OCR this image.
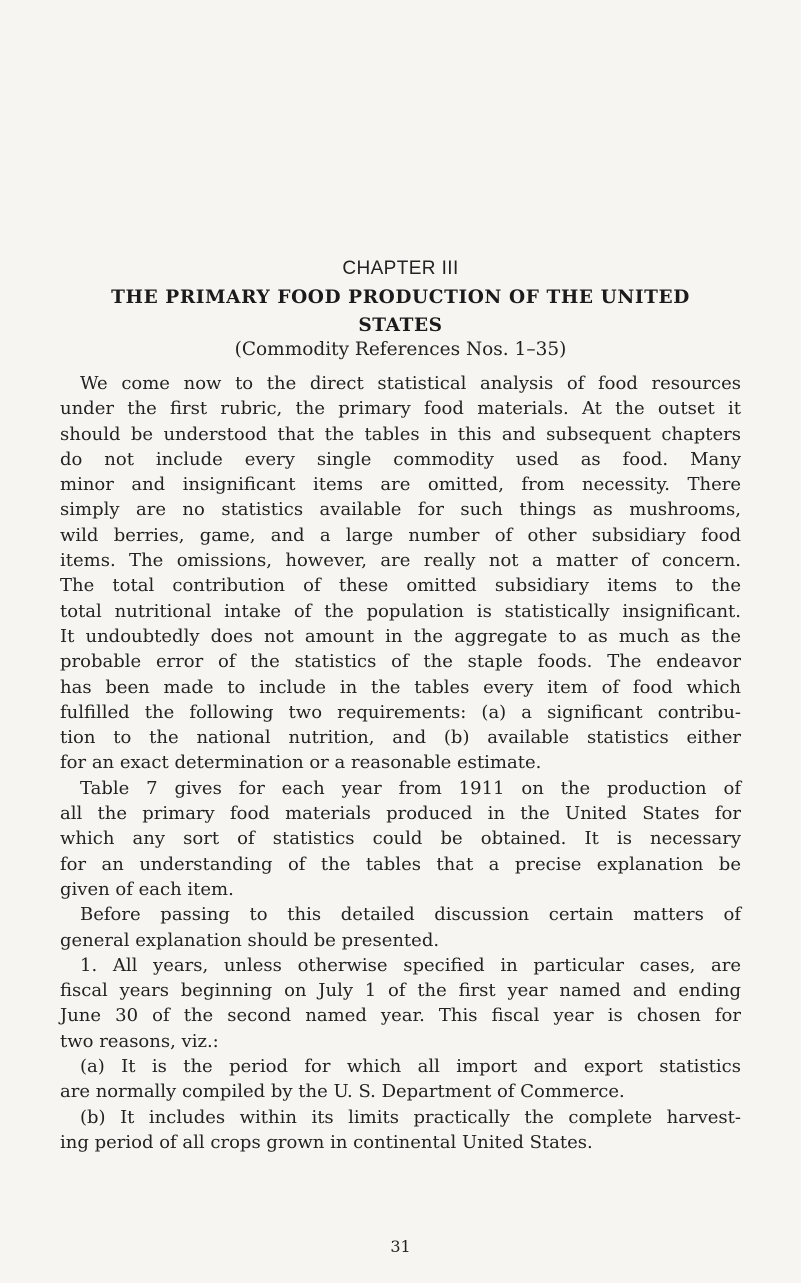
CHAPTER III
THE PRIMARY FOOD PRODUCTION OF THE UNITED
STATES
(Commodity References Nos. 1–35)
We come now to the direct statistical analysis of food resources
under the first rubric, the primary food materials. At the outset it
should be understood that the tables in this and subsequent chapters
do not include every single commodity used as food. Many
minor and insignificant items are omitted, from necessity. There
simply are no statistics available for such things as mushrooms,
wild berries, game, and a large number of other subsidiary food
items. The omissions, however, are really not a matter of concern.
The total contribution of these omitted subsidiary items to the
total nutritional intake of the population is statistically insignificant.
It undoubtedly does not amount in the aggregate to as much as the
probable error of the statistics of the staple foods. The endeavor
has been made to include in the tables every item of food which
fulfilled the following two requirements: (a) a significant contribu-
tion to the national nutrition, and (b) available statistics either
for an exact determination or a reasonable estimate.
Table 7 gives for each year from 1911 on the production of
all the primary food materials produced in the United States for
which any sort of statistics could be obtained. It is necessary
for an understanding of the tables that a precise explanation be
given of each item.
Before passing to this detailed discussion certain matters of
general explanation should be presented.
1. All years, unless otherwise specified in particular cases, are
fiscal years beginning on July 1 of the first year named and ending
June 30 of the second named year. This fiscal year is chosen for
two reasons, viz.:
(a) It is the period for which all import and export statistics
are normally compiled by the U. S. Department of Commerce.
(b) It includes within its limits practically the complete harvest-
ing period of all crops grown in continental United States.
31
